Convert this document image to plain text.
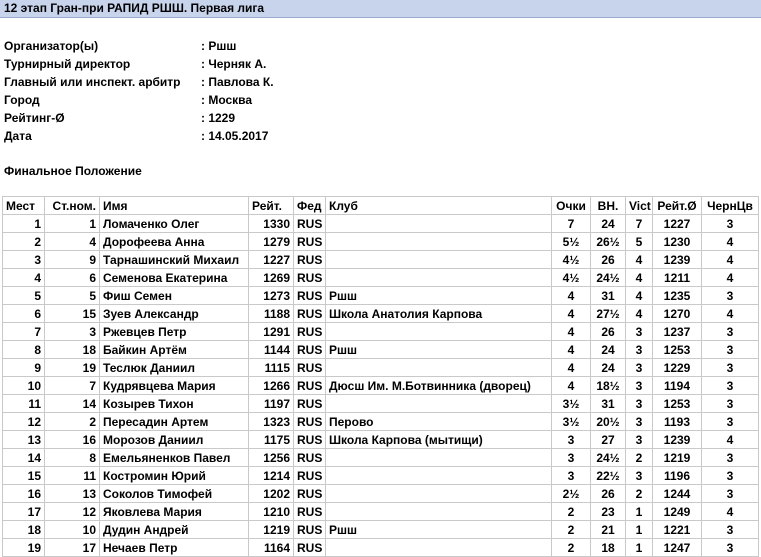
12 этап Гран-при РАПИД РШШ. Первая лига
Организатор(ы)	: Ршш
Турнирный директор	: Черняк А.
Главный или инспект. арбитр : Павлова К.
Город	: Москва
Рейтинг-Ø	: 1229
Дата	: 14.05.2017
Финальное Положение
Мест	Ст.ном.	Имя	Рейт.	Фед	Клуб	Очки	ВН.	Vict	Рейт.Ø	ЧернЦв
1	1	Ломаченко Олег	1330	RUS		7	24	7	1227	3
2	4	Дорофеева Анна	1279	RUS		5½	26½	5	1230	4
3	9	Тарнашинский Михаил	1227	RUS		4½	26	4	1239	4
4	6	Семенова Екатерина	1269	RUS		4½	24½	4	1211	4
5	5	Фиш Семен	1273	RUS	Ршш	4	31	4	1235	3
6	15	Зуев Александр	1188	RUS	Школа Анатолия Карпова	4	27½	4	1270	4
7	3	Ржевцев Петр	1291	RUS		4	26	3	1237	3
8	18	Байкин Артём	1144	RUS	Ршш	4	24	3	1253	3
9	19	Теслюк Даниил	1115	RUS		4	24	3	1229	3
10	7	Кудрявцева Мария	1266	RUS	Дюсш Им. М.Ботвинника (дворец)	4	18½	3	1194	3
11	14	Козырев Тихон	1197	RUS		3½	31	3	1253	3
12	2	Пересадин Артем	1323	RUS	Перово	3½	20½	3	1193	3
13	16	Морозов Даниил	1175	RUS	Школа Карпова (мытищи)	3	27	3	1239	4
14	8	Емельяненков Павел	1256	RUS		3	24½	2	1219	3
15	11	Костромин Юрий	1214	RUS		3	22½	3	1196	3
16	13	Соколов Тимофей	1202	RUS		2½	26	2	1244	3
17	12	Яковлева Мария	1210	RUS		2	23	1	1249	4
18	10	Дудин Андрей	1219	RUS	Ршш	2	21	1	1221	3
19	17	Нечаев Петр	1164	RUS		2	18	1	1247	3
